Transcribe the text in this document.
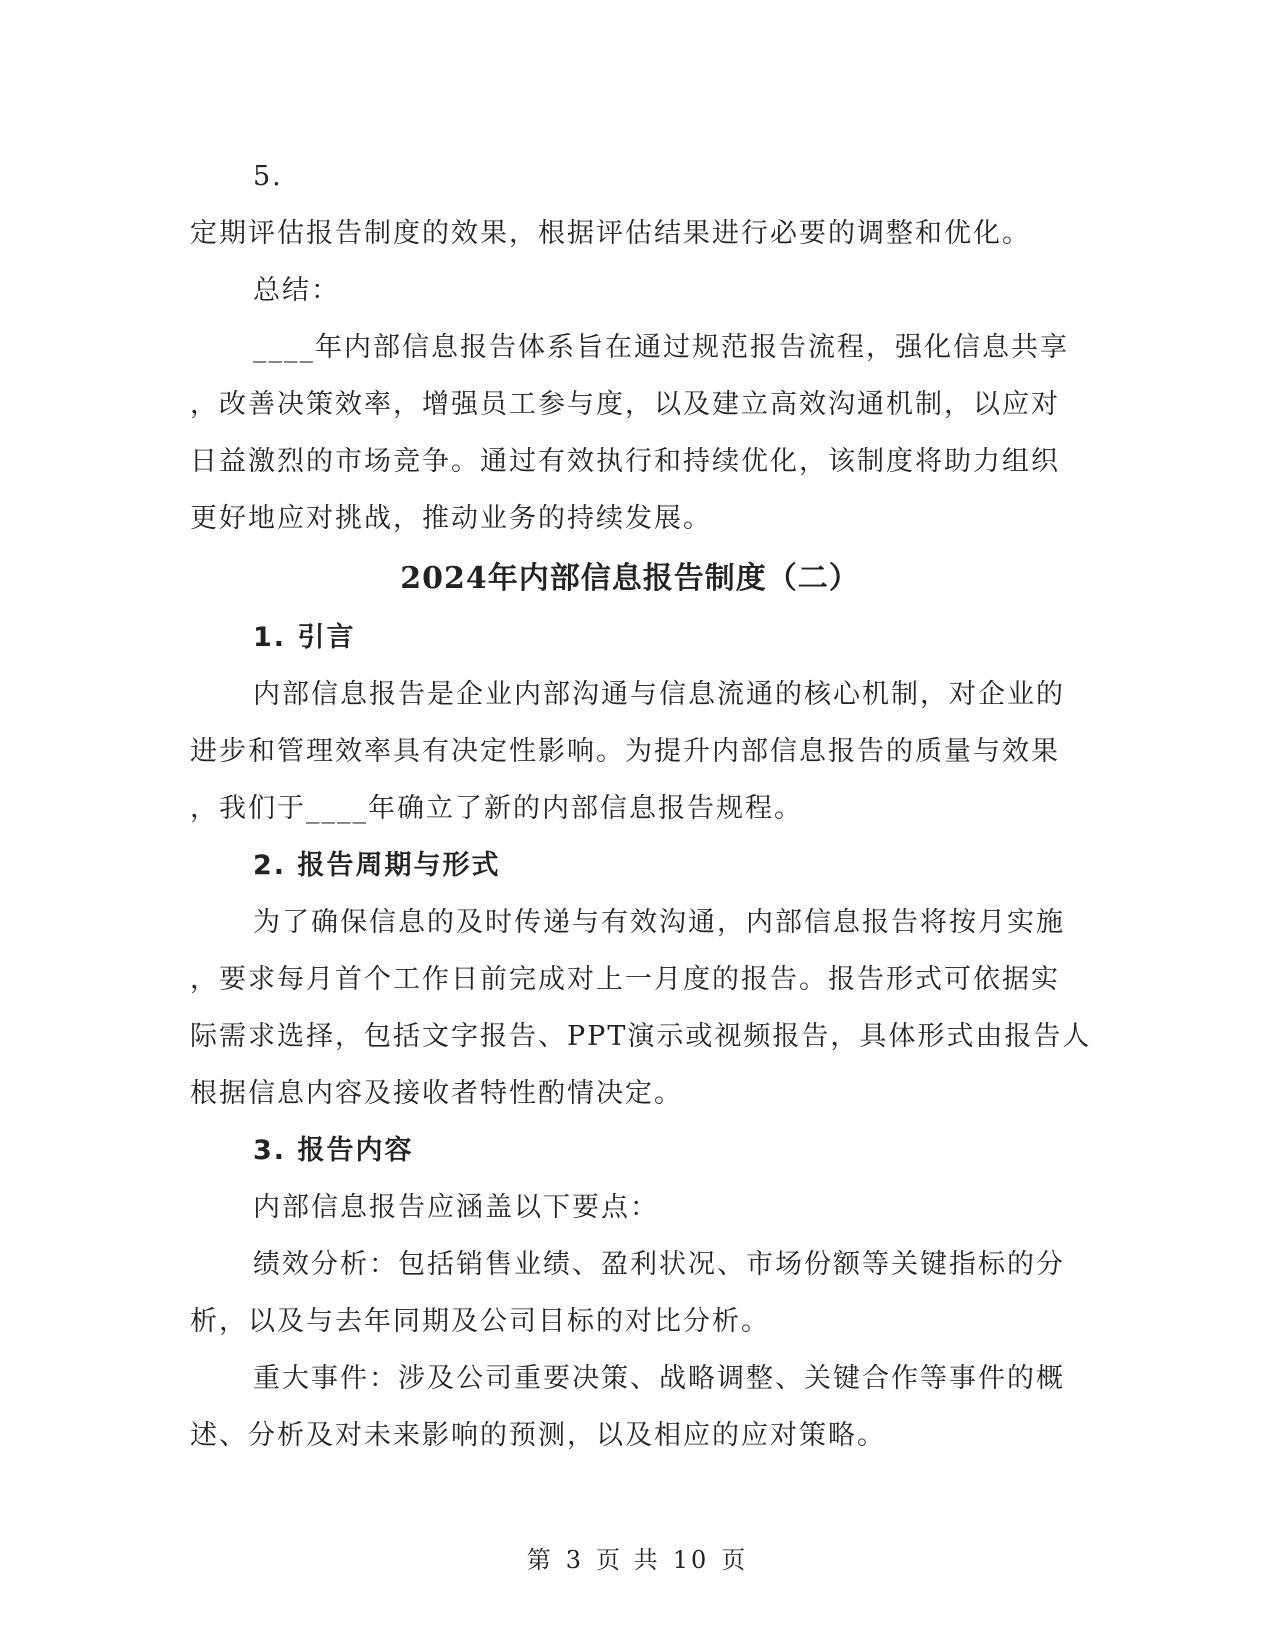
5.
定期评估报告制度的效果，根据评估结果进行必要的调整和优化。
总结：
____年内部信息报告体系旨在通过规范报告流程，强化信息共享
，改善决策效率，增强员工参与度，以及建立高效沟通机制，以应对
日益激烈的市场竞争。通过有效执行和持续优化，该制度将助力组织
更好地应对挑战，推动业务的持续发展。
2024年内部信息报告制度（二）
1. 引言
内部信息报告是企业内部沟通与信息流通的核心机制，对企业的
进步和管理效率具有决定性影响。为提升内部信息报告的质量与效果
，我们于____年确立了新的内部信息报告规程。
2. 报告周期与形式
为了确保信息的及时传递与有效沟通，内部信息报告将按月实施
，要求每月首个工作日前完成对上一月度的报告。报告形式可依据实
际需求选择，包括文字报告、PPT演示或视频报告，具体形式由报告人
根据信息内容及接收者特性酌情决定。
3. 报告内容
内部信息报告应涵盖以下要点：
绩效分析：包括销售业绩、盈利状况、市场份额等关键指标的分
析，以及与去年同期及公司目标的对比分析。
重大事件：涉及公司重要决策、战略调整、关键合作等事件的概
述、分析及对未来影响的预测，以及相应的应对策略。
第 3 页 共 10 页
